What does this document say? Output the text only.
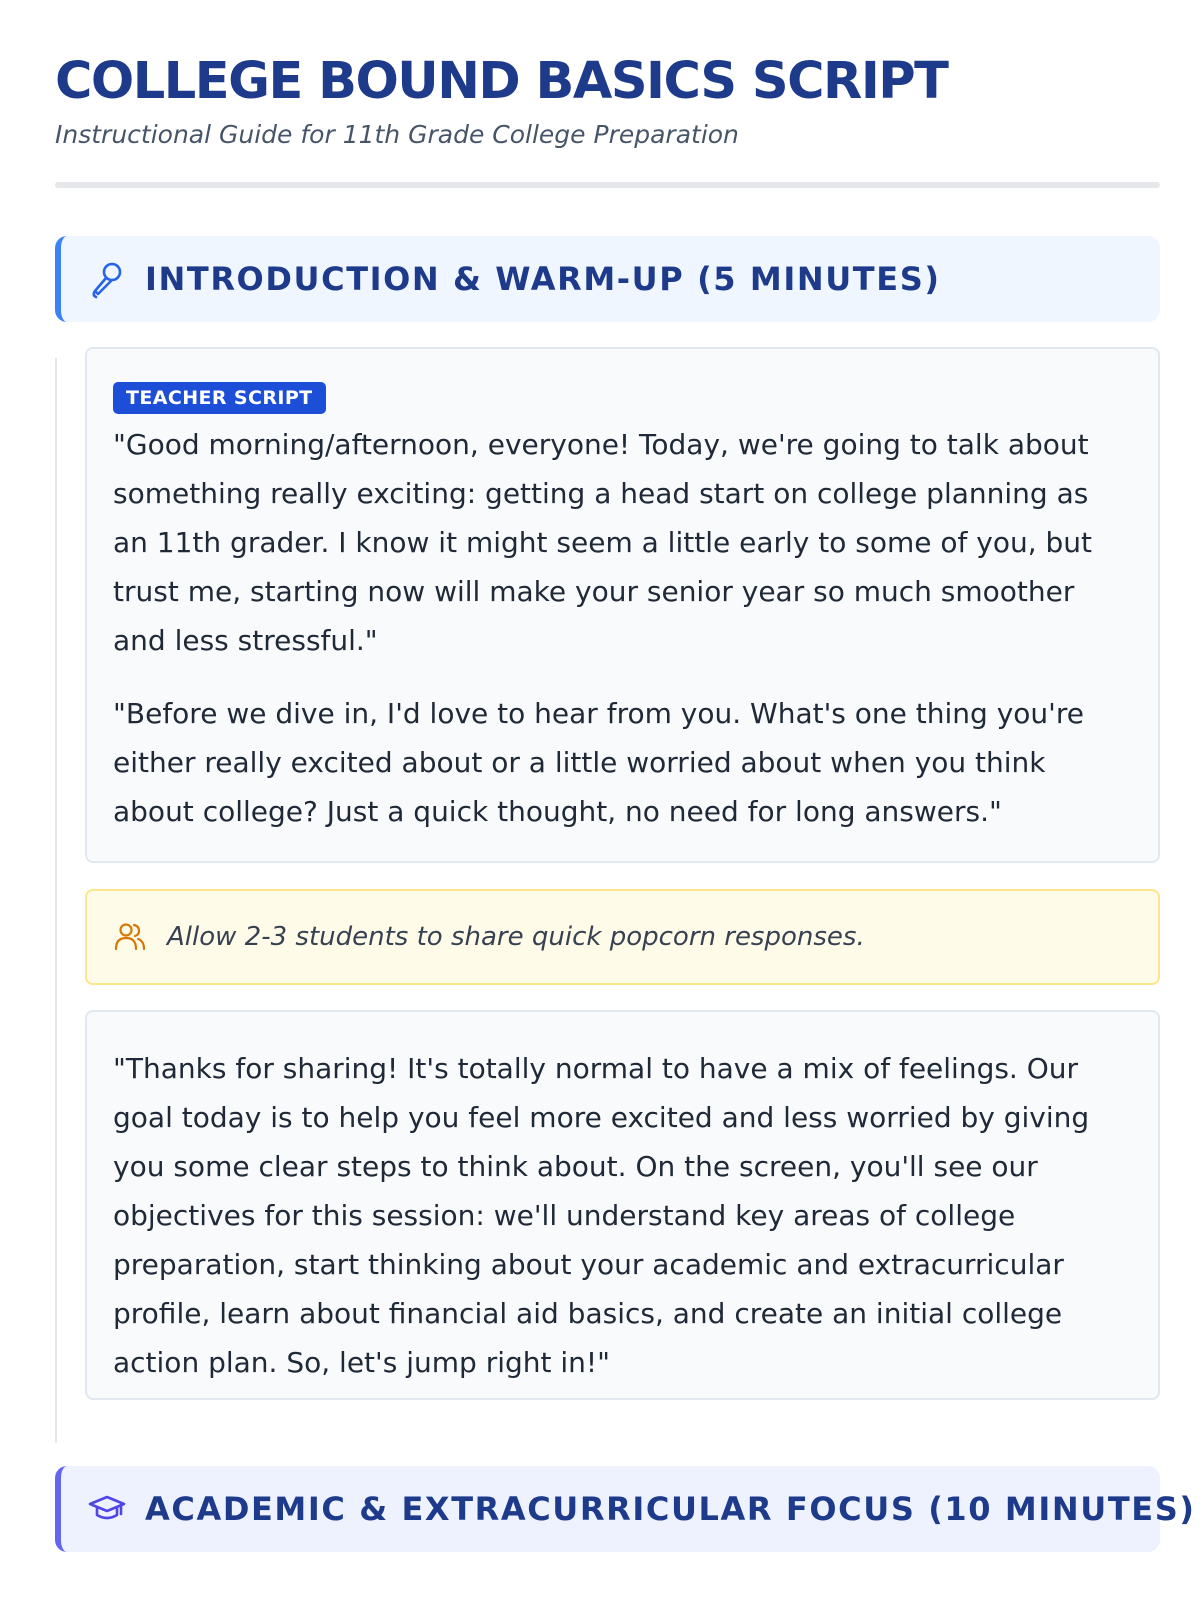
COLLEGE BOUND BASICS SCRIPT

Instructional Guide for 11th Grade College Preparation

INTRODUCTION & WARM-UP (5 MINUTES)
TEACHER SCRIPT

"Good morning/afternoon, everyone! Today, we're going to talk about something really exciting: getting a head start on college planning as an 11th grader. I know it might seem a little early to some of you, but trust me, starting now will make your senior year so much smoother and less stressful."

"Before we dive in, I'd love to hear from you. What's one thing you're either really excited about or a little worried about when you think about college? Just a quick thought, no need for long answers."

Allow 2-3 students to share quick popcorn responses.

"Thanks for sharing! It's totally normal to have a mix of feelings. Our goal today is to help you feel more excited and less worried by giving you some clear steps to think about. On the screen, you'll see our objectives for this session: we'll understand key areas of college preparation, start thinking about your academic and extracurricular profile, learn about financial aid basics, and create an initial college action plan. So, let's jump right in!"

ACADEMIC & EXTRACURRICULAR FOCUS (10 MINUTES)
